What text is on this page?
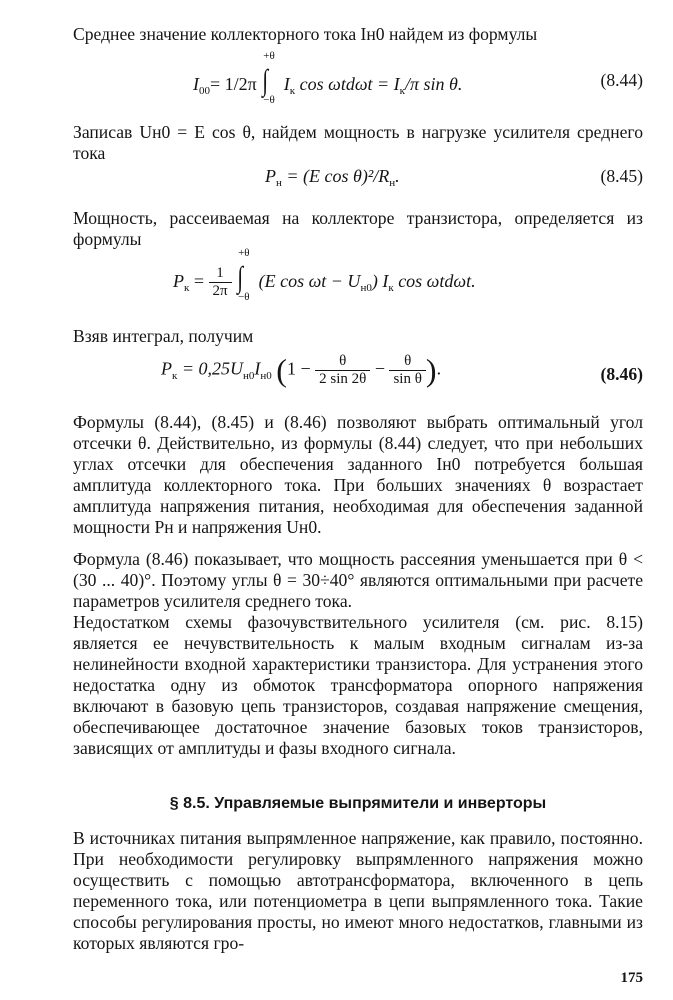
Среднее значение коллекторного тока Iн0 найдем из формулы

$I_{00}= 1/2\pi$ ∫
+θ
−θ
$I_к$ $\cos \omega td\omega t = I_к/\pi$ sin θ.	(8.44)

Записав Uн0 = E cos θ, найдем мощность в нагрузке усилителя среднего тока

$P_н = (E$ $\cos \theta)^2/R_н$.	(8.45)

Мощность, рассеиваемая на коллекторе транзистора, определяется из формулы

$P_к = \frac{1}{2\pi}$ ∫
+θ
−θ
(E $\cos \omega t - U_{н0}$) $I_к$ cos ωtdωt.

Взяв интеграл, получим

$P_к = 0,25U_{н0}I_{н0}$ ($1 - \frac{\theta}{2 \sin 2\theta} - \frac{\theta}{\text{sin θ}}$ ).	(8.46)

Формулы (8.44), (8.45) и (8.46) позволяют выбрать оптимальный угол отсечки θ. Действительно, из формулы (8.44) следует, что при небольших углах отсечки для обеспечения заданного Iн0 потребуется большая амплитуда коллекторного тока. При больших значениях θ возрастает амплитуда напряжения питания, необходимая для обеспечения заданной мощности Pн и напряжения Uн0.

Формула (8.46) показывает, что мощность рассеяния уменьшается при θ < (30 ... 40)°. Поэтому углы θ = 30÷40° являются оптимальными при расчете параметров усилителя среднего тока.

Недостатком схемы фазочувствительного усилителя (см. рис. 8.15) является ее нечувствительность к малым входным сигналам из-за нелинейности входной характеристики транзистора. Для устранения этого недостатка одну из обмоток трансформатора опорного напряжения включают в базовую цепь транзисторов, создавая напряжение смещения, обеспечивающее достаточное значение базовых токов транзисторов, зависящих от амплитуды и фазы входного сигнала.

§ 8.5. Управляемые выпрямители и инверторы

В источниках питания выпрямленное напряжение, как правило, постоянно. При необходимости регулировку выпрямленного напряжения можно осуществить с помощью автотрансформатора, включенного в цепь переменного тока, или потенциометра в цепи выпрямленного тока. Такие способы регулирования просты, но имеют много недостатков, главными из которых являются гро-

175
